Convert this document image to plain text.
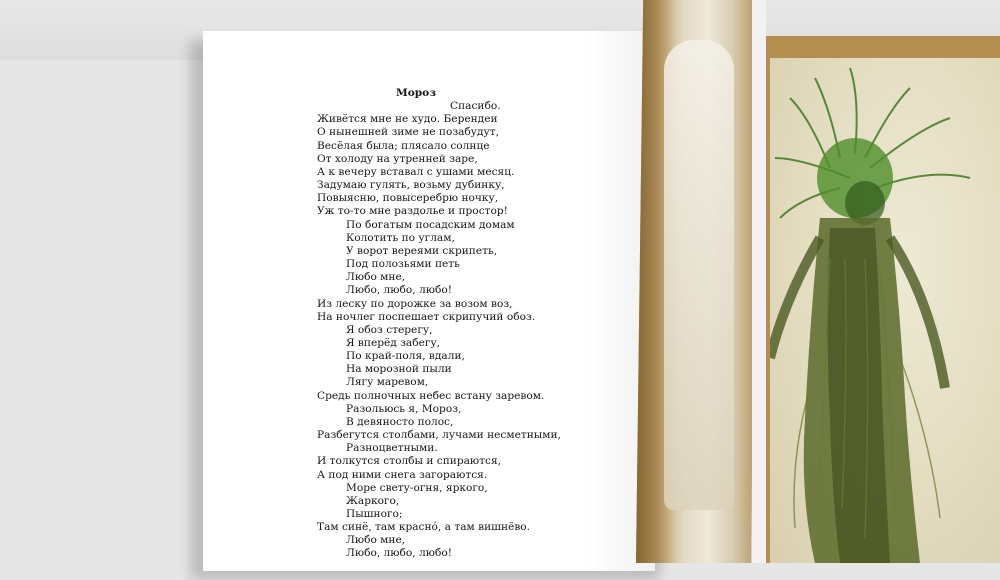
Мороз
Спасибо.
Живётся мне не худо. Берендеи
О нынешней зиме не позабудут,
Весёлая была; плясало солнце
От холоду на утренней заре,
А к вечеру вставал с ушами месяц.
Задумаю гулять, возьму дубинку,
Повыясню, повысеребрю ночку,
Уж то-то мне раздолье и простор!
По богатым посадским домам
Колотить по углам,
У ворот вереями скрипеть,
Под полозьями петь
Любо мне,
Любо, любо, любо!
Из леску по дорожке за возом воз,
На ночлег поспешает скрипучий обоз.
Я обоз стерегу,
Я вперёд забегу,
По край-поля, вдали,
На морозной пыли
Лягу маревом,
Средь полночных небес встану заревом.
Разольюсь я, Мороз,
В девяносто полос,
Разбегутся столбами, лучами несметными,
Разноцветными.
И толкутся столбы и спираются,
А под ними снега загораются.
Море свету-огня, яркого,
Жаркого,
Пышного;
Там синё, там красно́, а там вишнёво.
Любо мне,
Любо, любо, любо!
